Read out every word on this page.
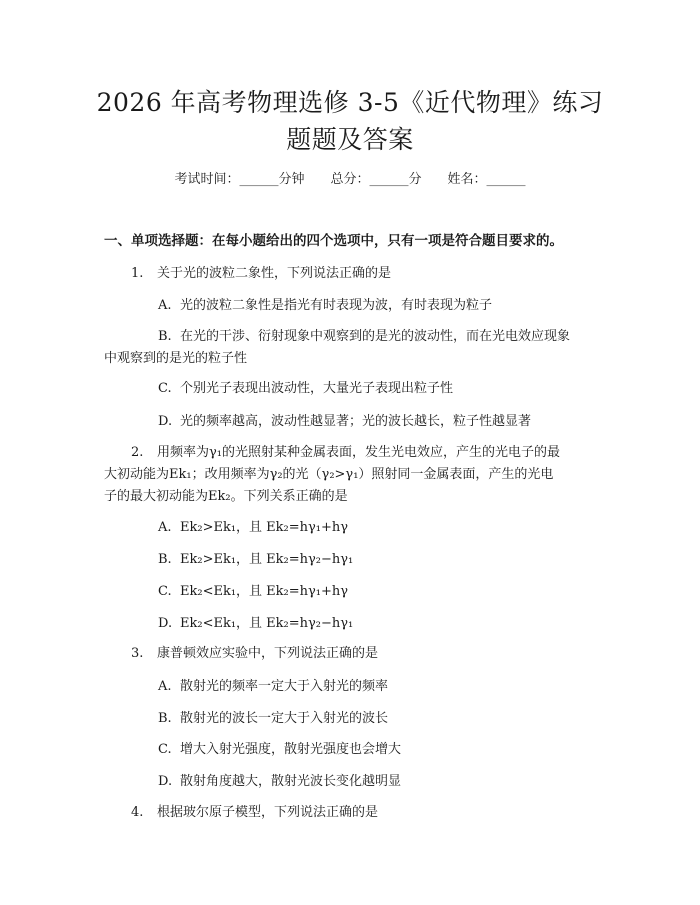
2026 年高考物理选修 3-5《近代物理》练习
题题及答案
考试时间：______分钟 总分：______分 姓名：______
一、单项选择题：在每小题给出的四个选项中，只有一项是符合题目要求的。
1. 关于光的波粒二象性，下列说法正确的是
A. 光的波粒二象性是指光有时表现为波，有时表现为粒子
B. 在光的干涉、衍射现象中观察到的是光的波动性，而在光电效应现象
中观察到的是光的粒子性
C. 个别光子表现出波动性，大量光子表现出粒子性
D. 光的频率越高，波动性越显著；光的波长越长，粒子性越显著
2. 用频率为γ₁的光照射某种金属表面，发生光电效应，产生的光电子的最
大初动能为Ek₁；改用频率为γ₂的光（γ₂>γ₁）照射同一金属表面，产生的光电
子的最大初动能为Ek₂。下列关系正确的是
A. Ek₂>Ek₁，且 Ek₂=hγ₁+hγ
B. Ek₂>Ek₁，且 Ek₂=hγ₂−hγ₁
C. Ek₂<Ek₁，且 Ek₂=hγ₁+hγ
D. Ek₂<Ek₁，且 Ek₂=hγ₂−hγ₁
3. 康普顿效应实验中，下列说法正确的是
A. 散射光的频率一定大于入射光的频率
B. 散射光的波长一定大于入射光的波长
C. 增大入射光强度，散射光强度也会增大
D. 散射角度越大，散射光波长变化越明显
4. 根据玻尔原子模型，下列说法正确的是
